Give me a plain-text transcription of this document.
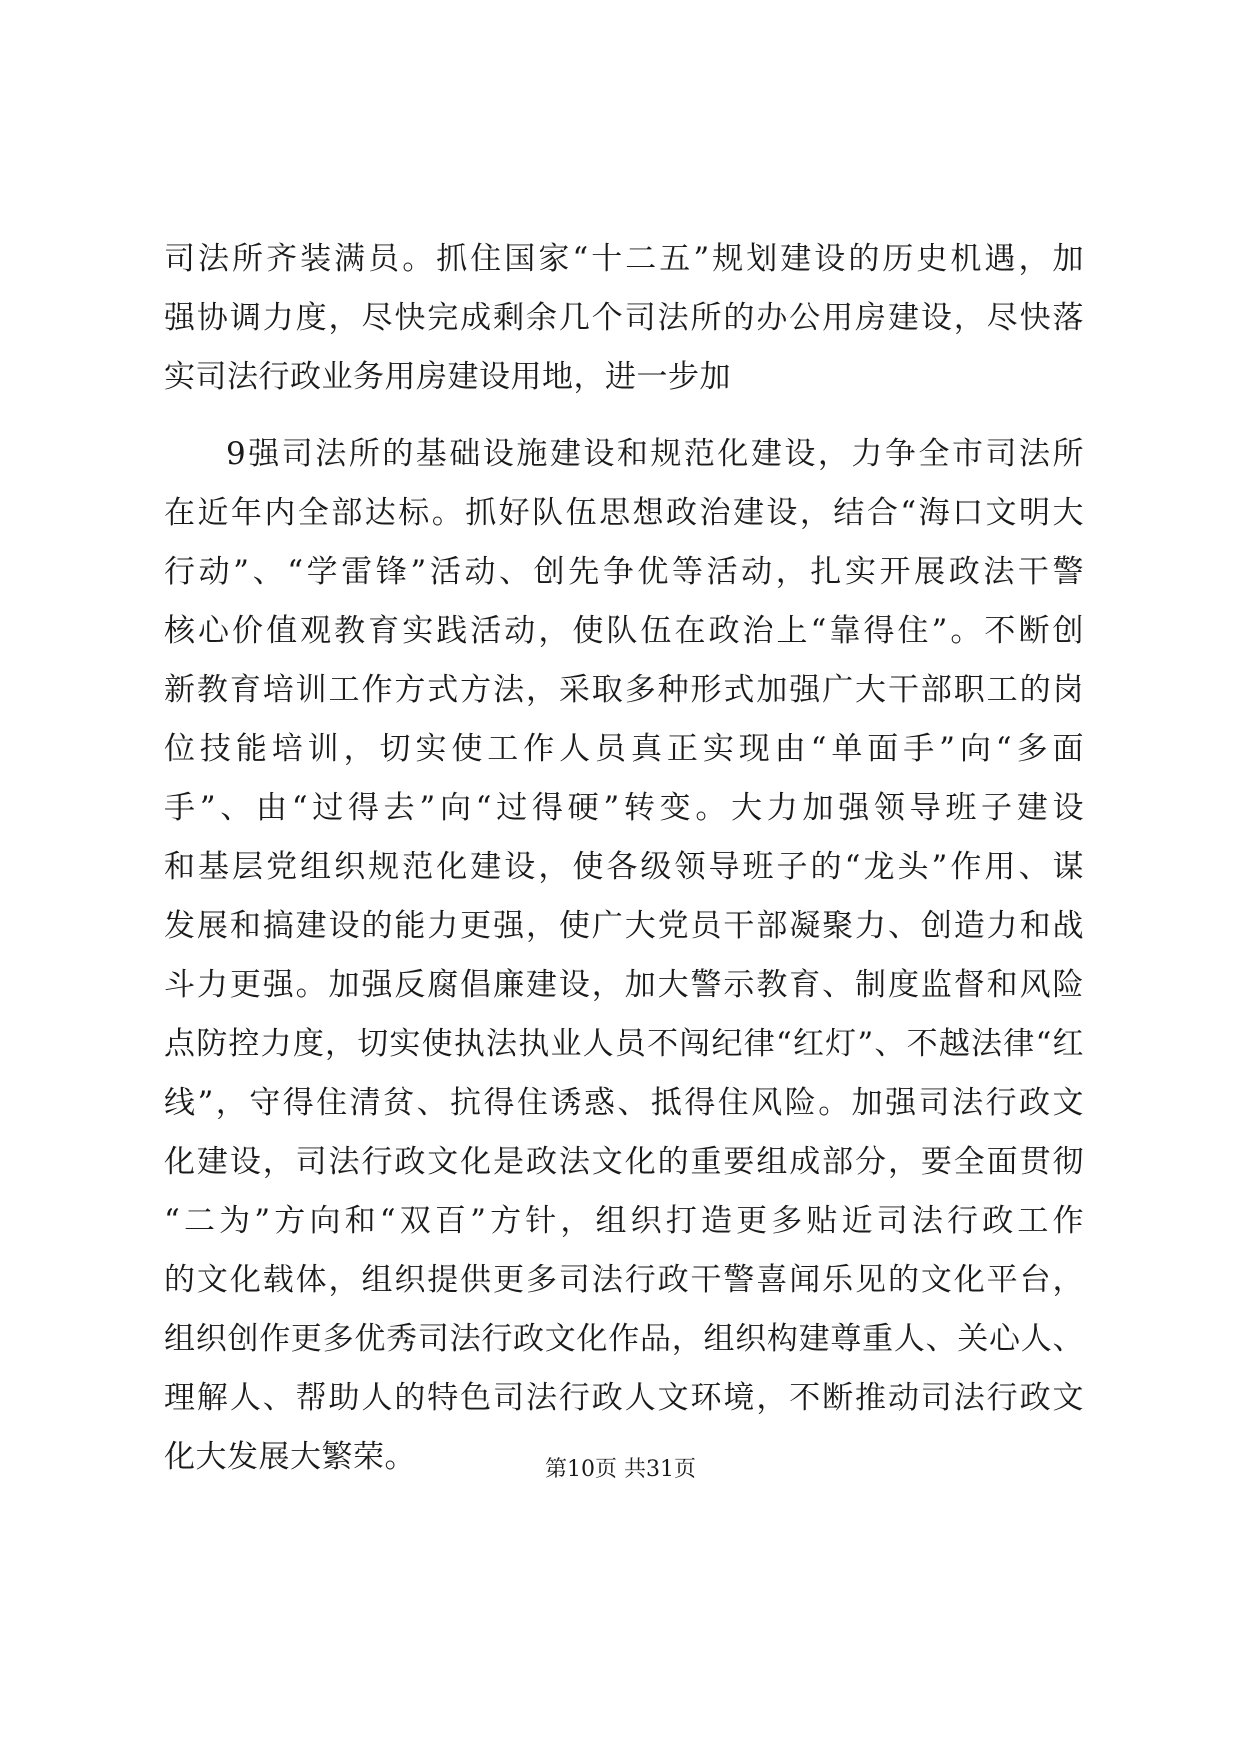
司法所齐装满员。抓住国家“十二五”规划建设的历史机遇，加
强协调力度，尽快完成剩余几个司法所的办公用房建设，尽快落
实司法行政业务用房建设用地，进一步加
9强司法所的基础设施建设和规范化建设，力争全市司法所
在近年内全部达标。抓好队伍思想政治建设，结合“海口文明大
行动”、“学雷锋”活动、创先争优等活动，扎实开展政法干警
核心价值观教育实践活动，使队伍在政治上“靠得住”。不断创
新教育培训工作方式方法，采取多种形式加强广大干部职工的岗
位技能培训，切实使工作人员真正实现由“单面手”向“多面
手”、由“过得去”向“过得硬”转变。大力加强领导班子建设
和基层党组织规范化建设，使各级领导班子的“龙头”作用、谋
发展和搞建设的能力更强，使广大党员干部凝聚力、创造力和战
斗力更强。加强反腐倡廉建设，加大警示教育、制度监督和风险
点防控力度，切实使执法执业人员不闯纪律“红灯”、不越法律“红
线”，守得住清贫、抗得住诱惑、抵得住风险。加强司法行政文
化建设，司法行政文化是政法文化的重要组成部分，要全面贯彻
“二为”方向和“双百”方针，组织打造更多贴近司法行政工作
的文化载体，组织提供更多司法行政干警喜闻乐见的文化平台，
组织创作更多优秀司法行政文化作品，组织构建尊重人、关心人、
理解人、帮助人的特色司法行政人文环境，不断推动司法行政文
化大发展大繁荣。	第10页 共31页
